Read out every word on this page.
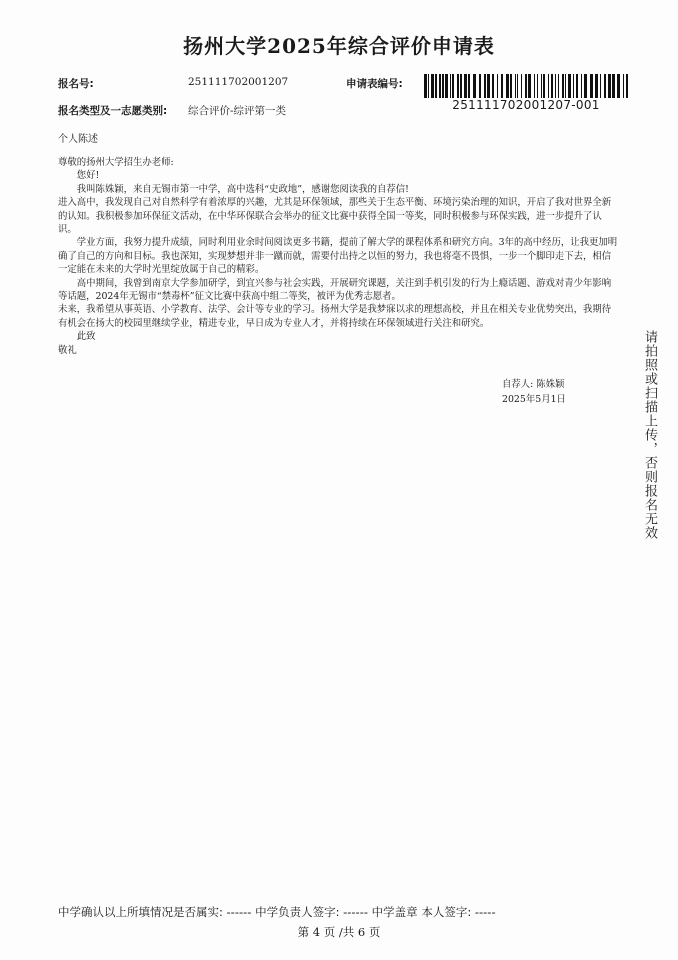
扬州大学2025年综合评价申请表
报名号:	251111702001207	申请表编号:
251111702001207-001
报名类型及一志愿类别: 综合评价-综评第一类
个人陈述

尊敬的扬州大学招生办老师:

您好!

我叫陈姝颖，来自无锡市第一中学，高中选科“史政地”，感谢您阅读我的自荐信!

进入高中，我发现自己对自然科学有着浓厚的兴趣，尤其是环保领域，那些关于生态平衡、环境污染治理的知识，开启了我对世界全新的认知。我积极参加环保征文活动，在中华环保联合会举办的征文比赛中获得全国一等奖，同时积极参与环保实践，进一步提升了认识。

学业方面，我努力提升成绩，同时利用业余时间阅读更多书籍，提前了解大学的课程体系和研究方向。3年的高中经历，让我更加明确了自己的方向和目标。我也深知，实现梦想并非一蹴而就，需要付出持之以恒的努力，我也将毫不畏惧，一步一个脚印走下去，相信一定能在未来的大学时光里绽放属于自己的精彩。

高中期间，我曾到南京大学参加研学，到宜兴参与社会实践，开展研究课题，关注到手机引发的行为上瘾话题、游戏对青少年影响等话题，2024年无锡市“禁毒杯”征文比赛中获高中组二等奖，被评为优秀志愿者。

未来，我希望从事英语、小学教育、法学、会计等专业的学习。扬州大学是我梦寐以求的理想高校，并且在相关专业优势突出，我期待有机会在扬大的校园里继续学业，精进专业，早日成为专业人才，并将持续在环保领域进行关注和研究。

此致

敬礼

自荐人: 陈姝颖
2025年5月1日	请拍照或扫描上传，否则报名无效
中学确认以上所填情况是否属实: ------ 中学负责人签字: ------ 中学盖章 本人签字: -----
第 4 页 /共 6 页
